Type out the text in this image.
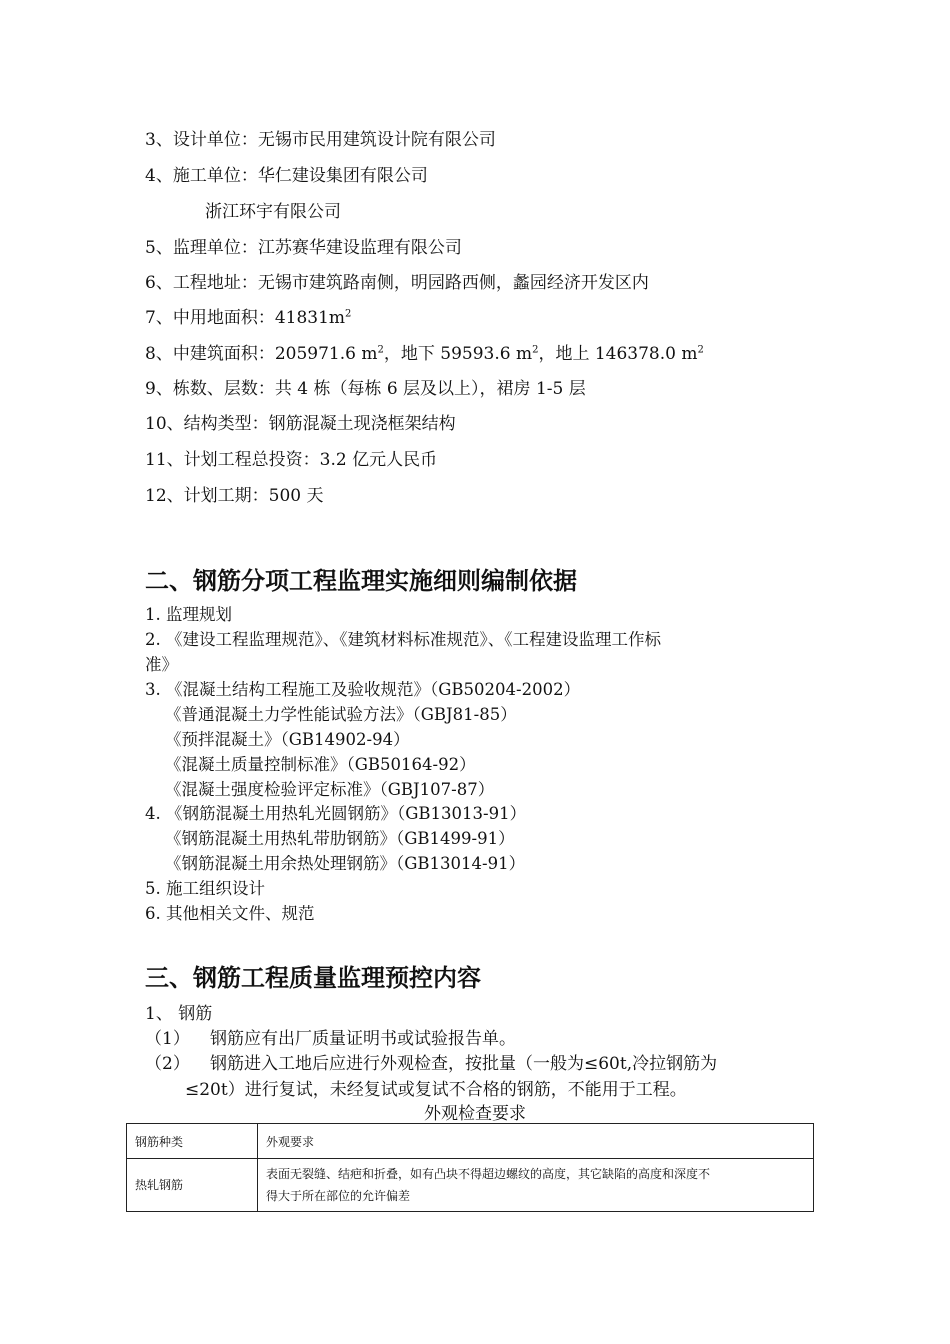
3、设计单位：无锡市民用建筑设计院有限公司
4、施工单位：华仁建设集团有限公司
浙江环宇有限公司
5、监理单位：江苏赛华建设监理有限公司
6、工程地址：无锡市建筑路南侧，明园路西侧，蠡园经济开发区内
7、中用地面积：$41831m^2$
8、中建筑面积：205971.6 $m^2$，地下 59593.6 $m^2$，地上 146378.0 $m^2$
9、栋数、层数：共 4 栋（每栋 6 层及以上），裙房 1-5 层
10、结构类型：钢筋混凝土现浇框架结构
11、计划工程总投资：3.2 亿元人民币
12、计划工期：500 天
二、钢筋分项工程监理实施细则编制依据
1. 监理规划
2. 《建设工程监理规范》、《建筑材料标准规范》、《工程建设监理工作标
准》
3. 《混凝土结构工程施工及验收规范》（GB50204-2002）
《普通混凝土力学性能试验方法》（GBJ81-85）
《预拌混凝土》（GB14902-94）
《混凝土质量控制标准》（GB50164-92）
《混凝土强度检验评定标准》（GBJ107-87）
4. 《钢筋混凝土用热轧光圆钢筋》（GB13013-91）
《钢筋混凝土用热轧带肋钢筋》（GB1499-91）
《钢筋混凝土用余热处理钢筋》（GB13014-91）
5. 施工组织设计
6. 其他相关文件、规范
三、钢筋工程质量监理预控内容
1、 钢筋
（1） 钢筋应有出厂质量证明书或试验报告单。
（2） 钢筋进入工地后应进行外观检查，按批量（一般为≤60t,冷拉钢筋为
≤20t）进行复试，未经复试或复试不合格的钢筋，不能用于工程。
外观检查要求
钢筋种类	外观要求
热轧钢筋	表面无裂缝、结疤和折叠，如有凸块不得超边螺纹的高度，其它缺陷的高度和深度不
得大于所在部位的允许偏差
